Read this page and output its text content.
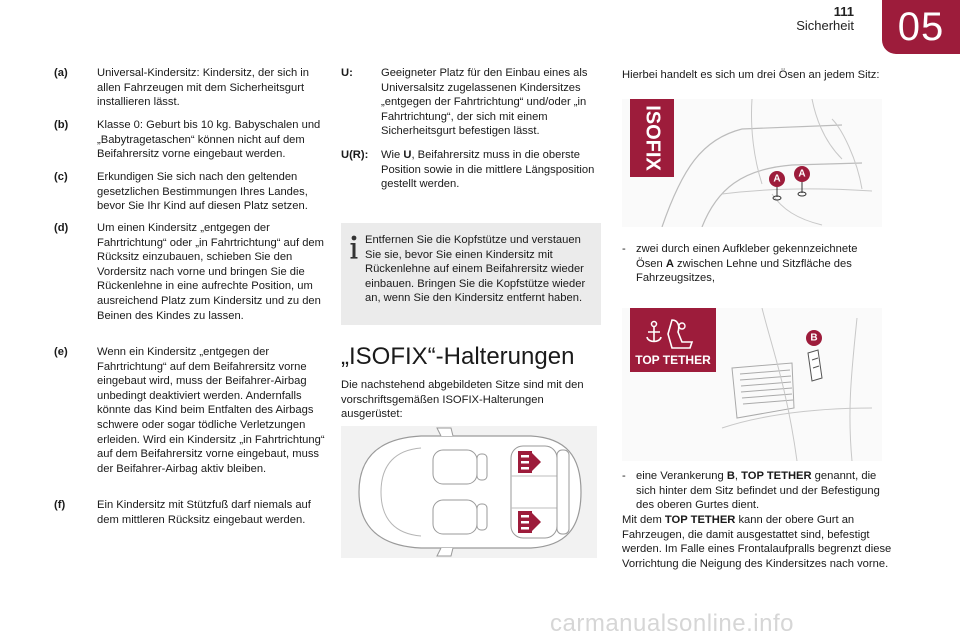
111
Sicherheit	05
(a)	Universal-Kindersitz: Kindersitz, der sich in allen Fahrzeugen mit dem Sicherheitsgurt installieren lässt.
(b)	Klasse 0: Geburt bis 10 kg. Babyschalen und „Babytragetaschen“ können nicht auf dem Beifahrersitz vorne eingebaut werden.
(c)	Erkundigen Sie sich nach den geltenden gesetzlichen Bestimmungen Ihres Landes, bevor Sie Ihr Kind auf diesen Platz setzen.
(d)	Um einen Kindersitz „entgegen der Fahrtrichtung“ oder „in Fahrtrichtung“ auf dem Rücksitz einzubauen, schieben Sie den Vordersitz nach vorne und bringen Sie die Rückenlehne in eine aufrechte Position, um ausreichend Platz zum Kindersitz und zu den Beinen des Kindes zu lassen.
(e)	Wenn ein Kindersitz „entgegen der Fahrtrichtung“ auf dem Beifahrersitz vorne eingebaut wird, muss der Beifahrer-Airbag unbedingt deaktiviert werden. Andernfalls könnte das Kind beim Entfalten des Airbags schwere oder sogar tödliche Verletzungen erleiden. Wird ein Kindersitz „in Fahrtrichtung“ auf dem Beifahrersitz vorne eingebaut, muss der Beifahrer-Airbag aktiv bleiben.
(f)	Ein Kindersitz mit Stützfuß darf niemals auf dem mittleren Rücksitz eingebaut werden.
U:	Geeigneter Platz für den Einbau eines als Universalsitz zugelassenen Kindersitzes „entgegen der Fahrtrichtung“ und/oder „in Fahrtrichtung“, der sich mit einem Sicherheitsgurt befestigen lässt.
U(R): Wie U, Beifahrersitz muss in die oberste Position sowie in die mittlere Längsposition gestellt werden.
Entfernen Sie die Kopfstütze und verstauen Sie sie, bevor Sie einen Kindersitz mit Rückenlehne auf einem Beifahrersitz wieder einbauen. Bringen Sie die Kopfstütze wieder an, wenn Sie den Kindersitz entfernt haben.
„ISOFIX“-Halterungen
Die nachstehend abgebildeten Sitze sind mit den vorschriftsgemäßen ISOFIX-Halterungen ausgerüstet:
Hierbei handelt es sich um drei Ösen an jedem Sitz:
ISOFIX
A A
- zwei durch einen Aufkleber gekennzeichnete Ösen A zwischen Lehne und Sitzfläche des Fahrzeugsitzes,
TOP TETHER
B
- eine Verankerung B, TOP TETHER genannt, die sich hinter dem Sitz befindet und der Befestigung des oberen Gurtes dient.
Mit dem TOP TETHER kann der obere Gurt an Fahrzeugen, die damit ausgestattet sind, befestigt werden. Im Falle eines Frontalaufpralls begrenzt diese Vorrichtung die Neigung des Kindersitzes nach vorne.
carmanualsonline.info
